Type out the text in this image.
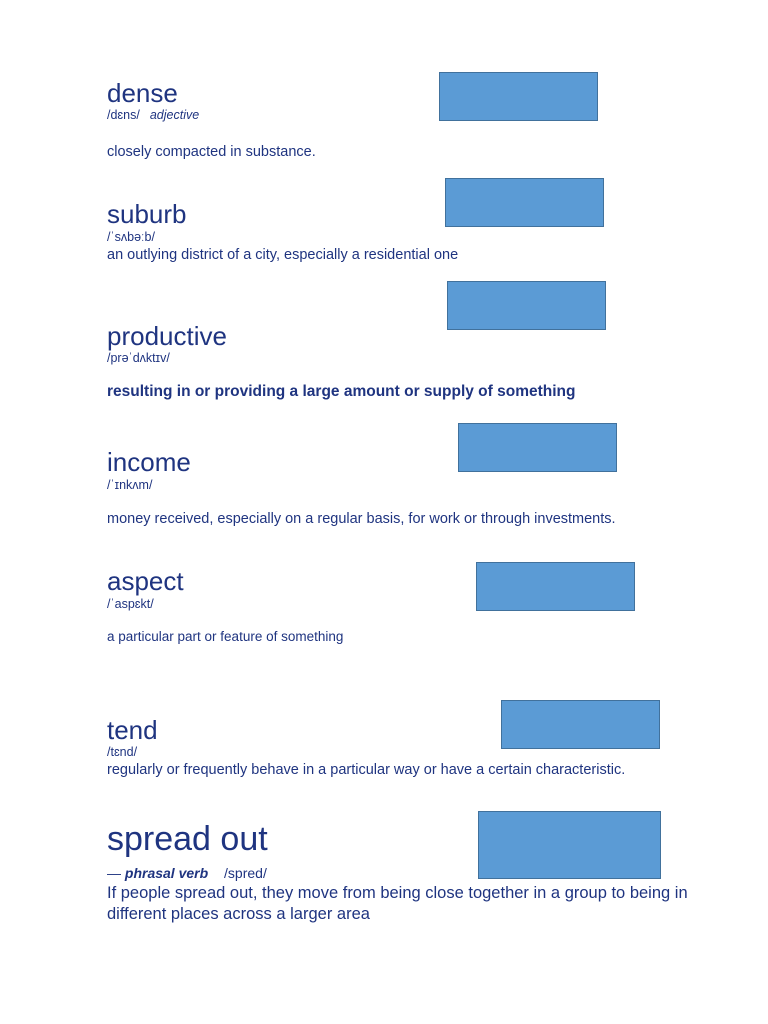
dense
/dɛns/ adjective
closely compacted in substance.
suburb
/ˈsʌbəːb/
an outlying district of a city, especially a residential one
productive
/prəˈdʌktɪv/
resulting in or providing a large amount or supply of something
income
/ˈɪnkʌm/
money received, especially on a regular basis, for work or through investments.
aspect
/ˈaspɛkt/
a particular part or feature of something
tend
/tɛnd/
regularly or frequently behave in a particular way or have a certain characteristic.
spread out
— phrasal verb /spred/
If people spread out, they move from being close together in a group to being in different places across a larger area
